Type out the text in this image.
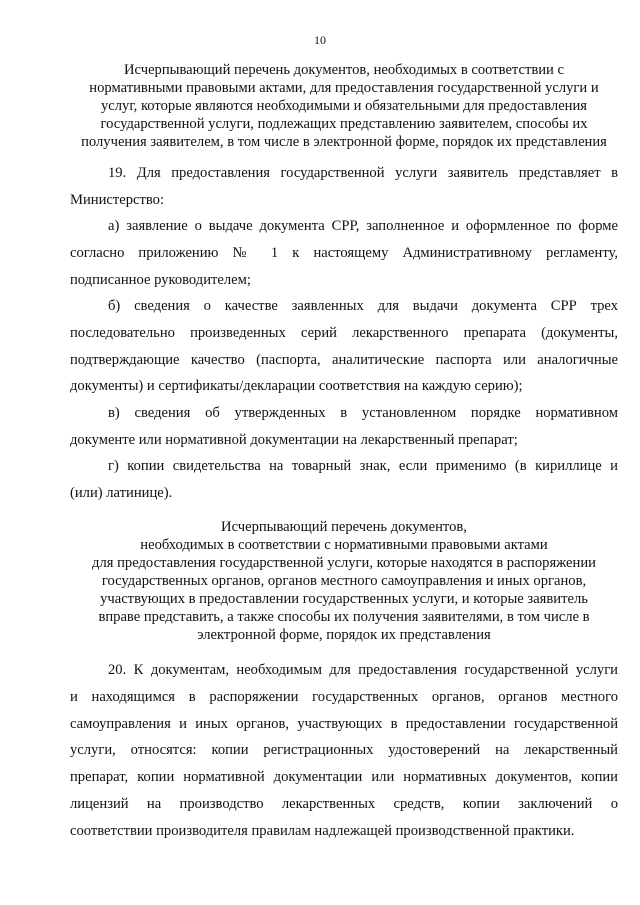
10
Исчерпывающий перечень документов, необходимых в соответствии с
нормативными правовыми актами, для предоставления государственной услуги и
услуг, которые являются необходимыми и обязательными для предоставления
государственной услуги, подлежащих представлению заявителем, способы их
получения заявителем, в том числе в электронной форме, порядок их представления
19. Для предоставления государственной услуги заявитель представляет в
Министерство:
а) заявление о выдаче документа СРР, заполненное и оформленное по форме
согласно приложению № 1 к настоящему Административному регламенту,
подписанное руководителем;
б) сведения о качестве заявленных для выдачи документа СРР трех
последовательно произведенных серий лекарственного препарата (документы,
подтверждающие качество (паспорта, аналитические паспорта или аналогичные
документы) и сертификаты/декларации соответствия на каждую серию);
в) сведения об утвержденных в установленном порядке нормативном
документе или нормативной документации на лекарственный препарат;
г) копии свидетельства на товарный знак, если применимо (в кириллице и
(или) латинице).
Исчерпывающий перечень документов,
необходимых в соответствии с нормативными правовыми актами
для предоставления государственной услуги, которые находятся в распоряжении
государственных органов, органов местного самоуправления и иных органов,
участвующих в предоставлении государственных услуги, и которые заявитель
вправе представить, а также способы их получения заявителями, в том числе в
электронной форме, порядок их представления
20. К документам, необходимым для предоставления государственной услуги
и находящимся в распоряжении государственных органов, органов местного
самоуправления и иных органов, участвующих в предоставлении государственной
услуги, относятся: копии регистрационных удостоверений на лекарственный
препарат, копии нормативной документации или нормативных документов, копии
лицензий на производство лекарственных средств, копии заключений о
соответствии производителя правилам надлежащей производственной практики.
